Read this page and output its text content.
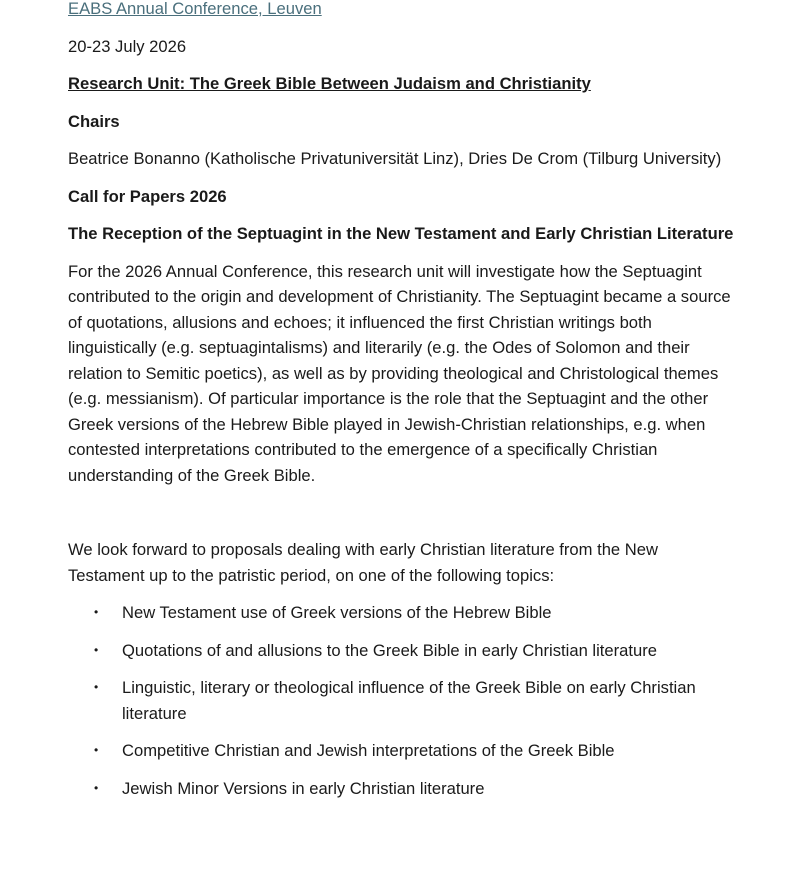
EABS Annual Conference, Leuven

20-23 July 2026

Research Unit: The Greek Bible Between Judaism and Christianity

Chairs

Beatrice Bonanno (Katholische Privatuniversität Linz), Dries De Crom (Tilburg University)

Call for Papers 2026

The Reception of the Septuagint in the New Testament and Early Christian Literature

For the 2026 Annual Conference, this research unit will investigate how the Septuagint contributed to the origin and development of Christianity. The Septuagint became a source of quotations, allusions and echoes; it influenced the first Christian writings both linguistically (e.g. septuagintalisms) and literarily (e.g. the Odes of Solomon and their relation to Semitic poetics), as well as by providing theological and Christological themes (e.g. messianism). Of particular importance is the role that the Septuagint and the other Greek versions of the Hebrew Bible played in Jewish-Christian relationships, e.g. when contested interpretations contributed to the emergence of a specifically Christian understanding of the Greek Bible.

We look forward to proposals dealing with early Christian literature from the New Testament up to the patristic period, on one of the following topics:

• New Testament use of Greek versions of the Hebrew Bible
• Quotations of and allusions to the Greek Bible in early Christian literature
• Linguistic, literary or theological influence of the Greek Bible on early Christian literature
• Competitive Christian and Jewish interpretations of the Greek Bible
• Jewish Minor Versions in early Christian literature
